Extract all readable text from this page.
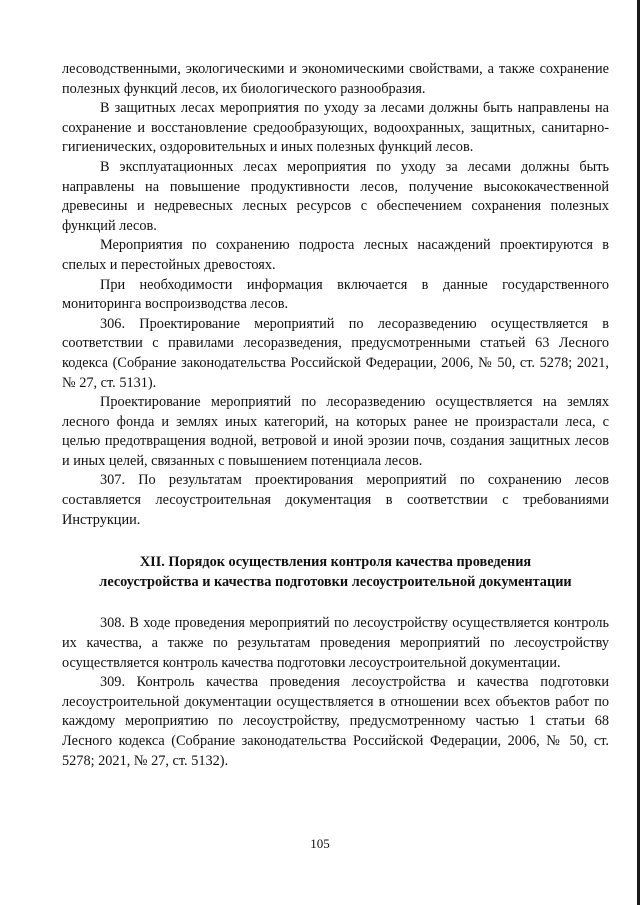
лесоводственными, экологическими и экономическими свойствами, а также сохранение полезных функций лесов, их биологического разнообразия.

В защитных лесах мероприятия по уходу за лесами должны быть направлены на сохранение и восстановление средообразующих, водоохранных, защитных, санитарно-гигиенических, оздоровительных и иных полезных функций лесов.

В эксплуатационных лесах мероприятия по уходу за лесами должны быть направлены на повышение продуктивности лесов, получение высококачественной древесины и недревесных лесных ресурсов с обеспечением сохранения полезных функций лесов.

Мероприятия по сохранению подроста лесных насаждений проектируются в спелых и перестойных древостоях.

При необходимости информация включается в данные государственного мониторинга воспроизводства лесов.

306. Проектирование мероприятий по лесоразведению осуществляется в соответствии с правилами лесоразведения, предусмотренными статьей 63 Лесного кодекса (Собрание законодательства Российской Федерации, 2006, № 50, ст. 5278; 2021, № 27, ст. 5131).

Проектирование мероприятий по лесоразведению осуществляется на землях лесного фонда и землях иных категорий, на которых ранее не произрастали леса, с целью предотвращения водной, ветровой и иной эрозии почв, создания защитных лесов и иных целей, связанных с повышением потенциала лесов.

307. По результатам проектирования мероприятий по сохранению лесов составляется лесоустроительная документация в соответствии с требованиями Инструкции.

XII. Порядок осуществления контроля качества проведения
лесоустройства и качества подготовки лесоустроительной документации

308. В ходе проведения мероприятий по лесоустройству осуществляется контроль их качества, а также по результатам проведения мероприятий по лесоустройству осуществляется контроль качества подготовки лесоустроительной документации.

309. Контроль качества проведения лесоустройства и качества подготовки лесоустроительной документации осуществляется в отношении всех объектов работ по каждому мероприятию по лесоустройству, предусмотренному частью 1 статьи 68 Лесного кодекса (Собрание законодательства Российской Федерации, 2006, № 50, ст. 5278; 2021, № 27, ст. 5132).

105
